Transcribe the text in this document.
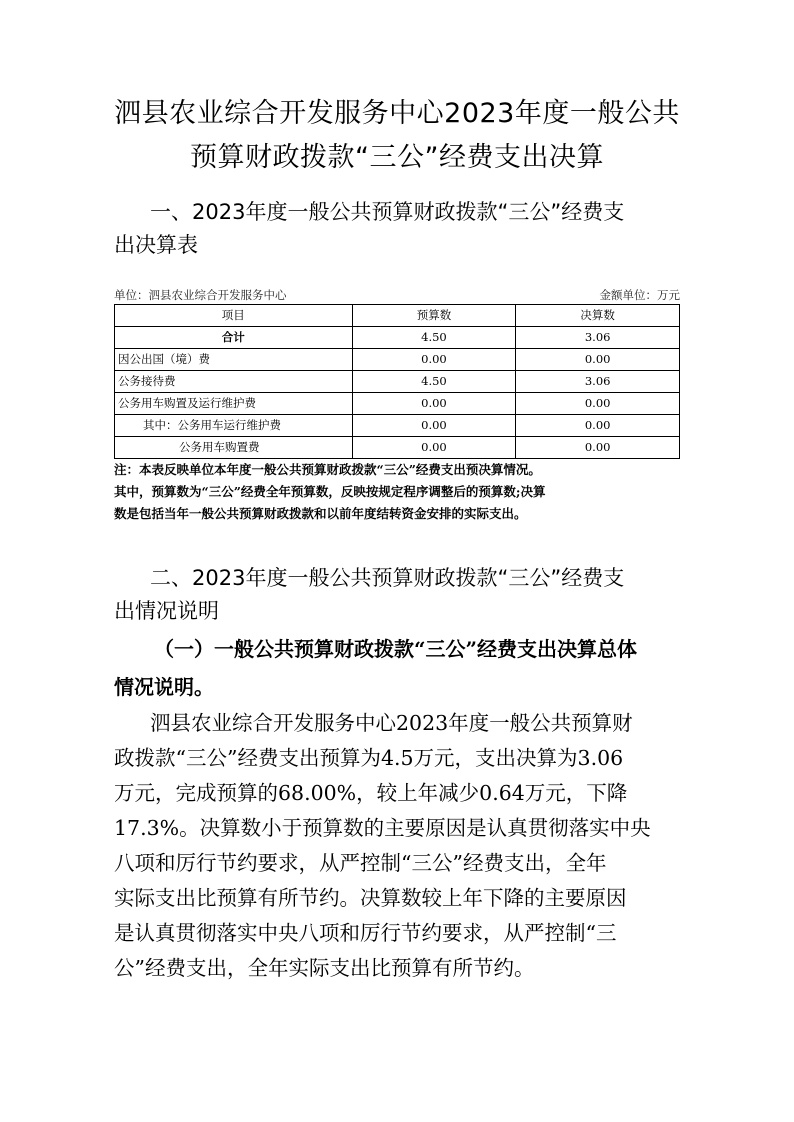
泗县农业综合开发服务中心2023年度一般公共
预算财政拨款“三公”经费支出决算
一、2023年度一般公共预算财政拨款“三公”经费支
出决算表
单位：泗县农业综合开发服务中心	金额单位：万元
项目	预算数	决算数
合计	4.50	3.06
因公出国（境）费	0.00	0.00
公务接待费	4.50	3.06
公务用车购置及运行维护费	0.00	0.00
其中：公务用车运行维护费	0.00	0.00
公务用车购置费	0.00	0.00
注：本表反映单位本年度一般公共预算财政拨款“三公”经费支出预决算情况。
其中，预算数为“三公”经费全年预算数，反映按规定程序调整后的预算数;决算
数是包括当年一般公共预算财政拨款和以前年度结转资金安排的实际支出。
二、2023年度一般公共预算财政拨款“三公”经费支
出情况说明
（一）一般公共预算财政拨款“三公”经费支出决算总体
情况说明。
泗县农业综合开发服务中心2023年度一般公共预算财
政拨款“三公”经费支出预算为4.5万元，支出决算为3.06
万元，完成预算的68.00%，较上年减少0.64万元，下降
17.3%。决算数小于预算数的主要原因是认真贯彻落实中央
八项和厉行节约要求，从严控制“三公”经费支出，全年
实际支出比预算有所节约。决算数较上年下降的主要原因
是认真贯彻落实中央八项和厉行节约要求，从严控制“三
公”经费支出，全年实际支出比预算有所节约。
